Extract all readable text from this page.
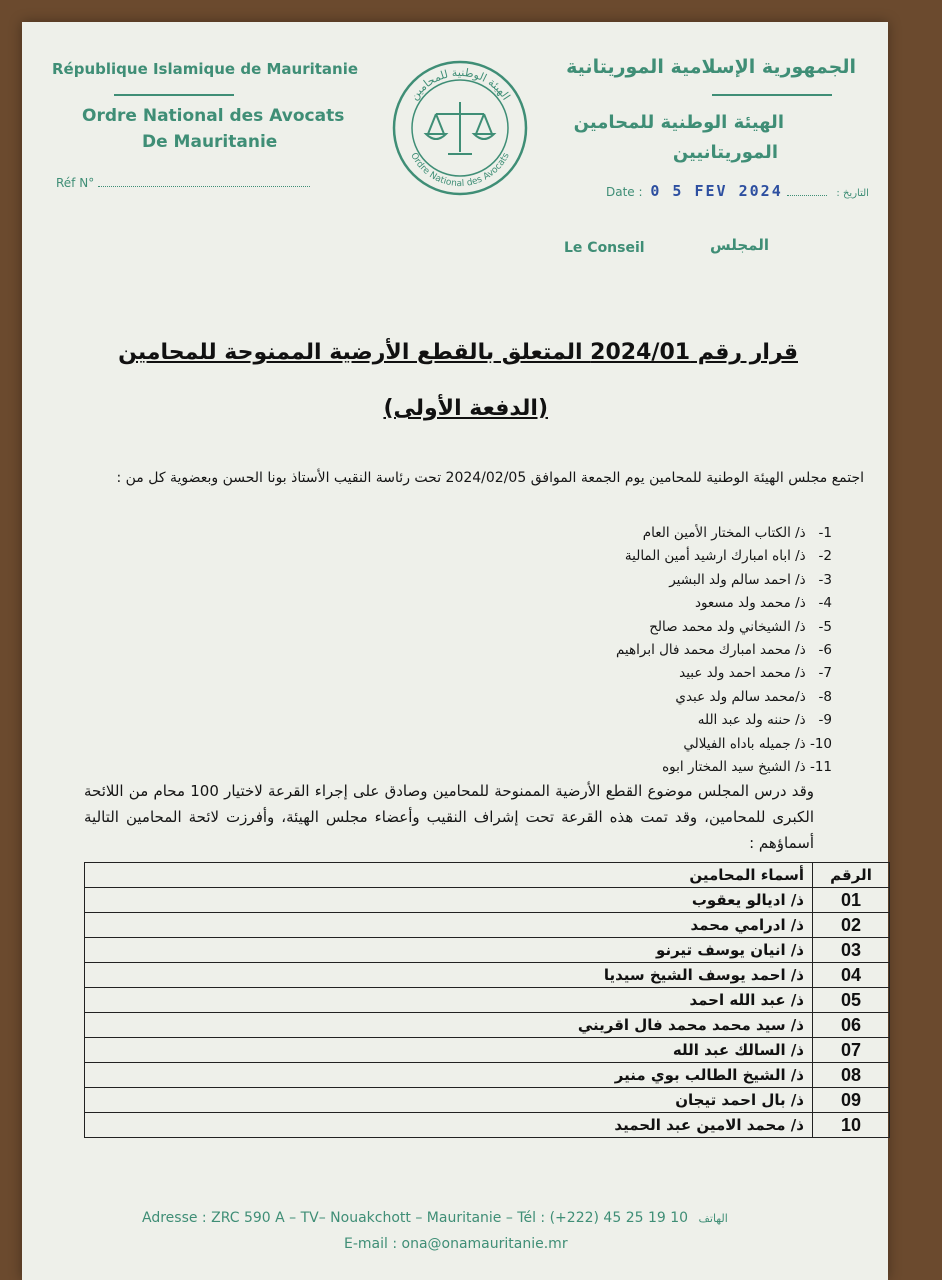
République Islamique de Mauritanie
Ordre National des Avocats
De Mauritanie
Réf N°
الهيئة الوطنية للمحامين
Ordre National des Avocats
الجمهورية الإسلامية الموريتانية
الهيئة الوطنية للمحامين
الموريتانيين
Date : 0 5 FEV 2024	: التاريخ
Le Conseil	المجلس
قرار رقم 2024/01 المتعلق بالقطع الأرضية الممنوحة للمحامين
(الدفعة الأولى)
اجتمع مجلس الهيئة الوطنية للمحامين يوم الجمعة الموافق 2024/02/05 تحت رئاسة النقيب الأستاذ بونا الحسن وبعضوية كل من :
1- ذ/ الكتاب المختار الأمين العام
2- ذ/ اباه امبارك ارشيد أمين المالية
3- ذ/ احمد سالم ولد البشير
4- ذ/ محمد ولد مسعود
5- ذ/ الشيخاني ولد محمد صالح
6- ذ/ محمد امبارك محمد فال ابراهيم
7- ذ/ محمد احمد ولد عبيد
8- ذ/محمد سالم ولد عبدي
9- ذ/ حننه ولد عبد الله
10- ذ/ جميله باداه الفيلالي
11- ذ/ الشيخ سيد المختار ابوه
وقد درس المجلس موضوع القطع الأرضية الممنوحة للمحامين وصادق على إجراء القرعة لاختيار 100 محام من اللائحة الكبرى للمحامين، وقد تمت هذه القرعة تحت إشراف النقيب وأعضاء مجلس الهيئة، وأفرزت لائحة المحامين التالية أسماؤهم :
الرقم	أسماء المحامين
01	ذ/ اديالو يعقوب
02	ذ/ ادرامي محمد
03	ذ/ انيان يوسف تيرنو
04	ذ/ احمد يوسف الشيخ سيديا
05	ذ/ عبد الله احمد
06	ذ/ سيد محمد محمد فال اقريني
07	ذ/ السالك عبد الله
08	ذ/ الشيخ الطالب بوي منير
09	ذ/ بال احمد تيجان
10	ذ/ محمد الامين عبد الحميد
Adresse : ZRC 590 A – TV– Nouakchott – Mauritanie – Tél : (+222) 45 25 19 10 الهاتف
E-mail : ona@onamauritanie.mr
